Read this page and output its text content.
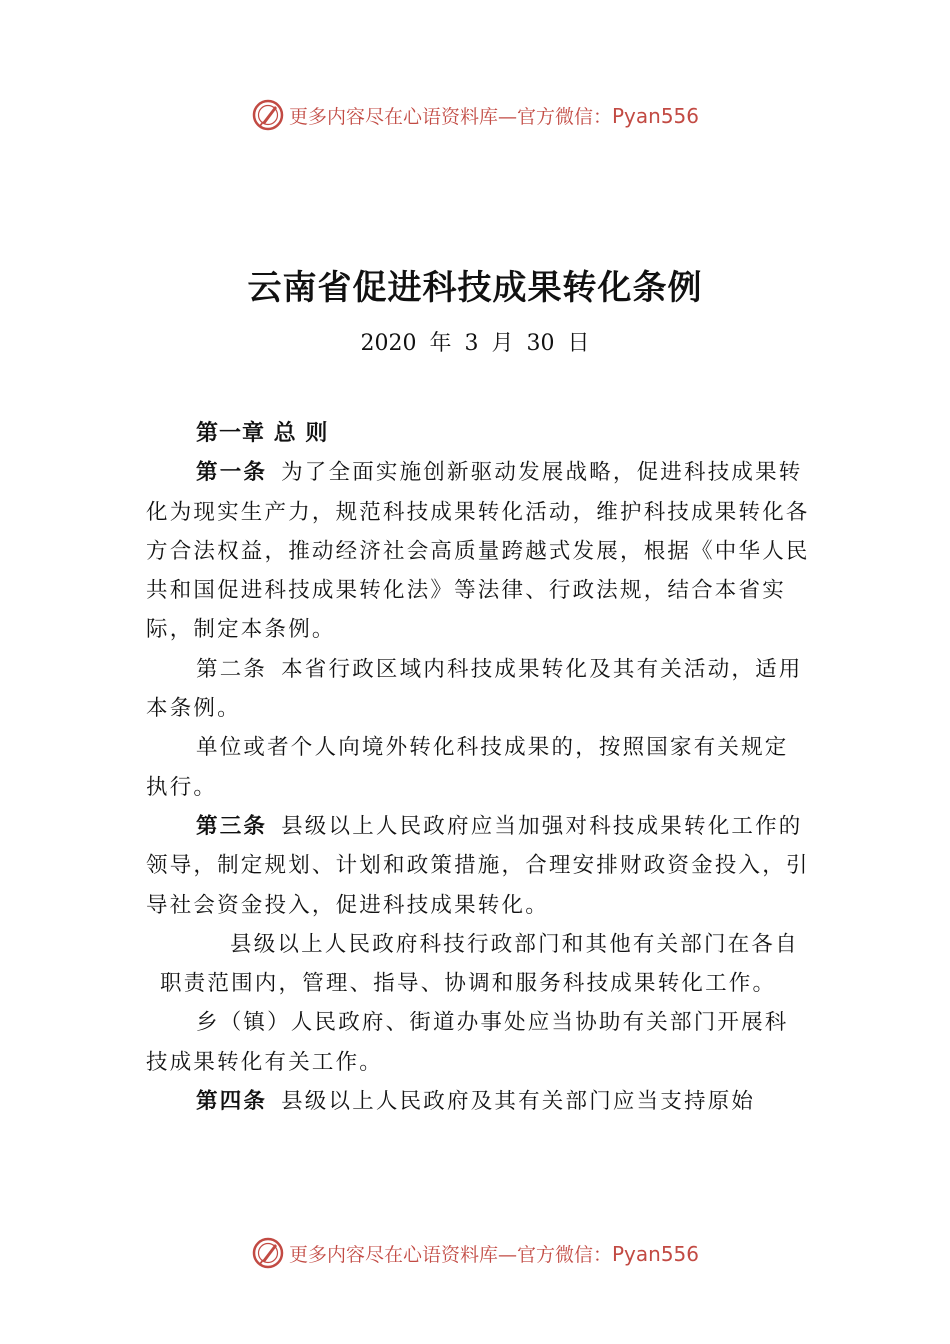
更多内容尽在心语资料库—官方微信：Pyan556
云南省促进科技成果转化条例
2020 年 3 月 30 日

第一章 总 则

第一条 为了全面实施创新驱动发展战略，促进科技成果转化为现实生产力，规范科技成果转化活动，维护科技成果转化各方合法权益，推动经济社会高质量跨越式发展，根据《中华人民共和国促进科技成果转化法》等法律、行政法规，结合本省实际，制定本条例。

第二条 本省行政区域内科技成果转化及其有关活动，适用本条例。

单位或者个人向境外转化科技成果的，按照国家有关规定执行。

第三条 县级以上人民政府应当加强对科技成果转化工作的领导，制定规划、计划和政策措施，合理安排财政资金投入，引导社会资金投入，促进科技成果转化。

县级以上人民政府科技行政部门和其他有关部门在各自职责范围内，管理、指导、协调和服务科技成果转化工作。

乡（镇）人民政府、街道办事处应当协助有关部门开展科技成果转化有关工作。

第四条 县级以上人民政府及其有关部门应当支持原始

更多内容尽在心语资料库—官方微信：Pyan556
